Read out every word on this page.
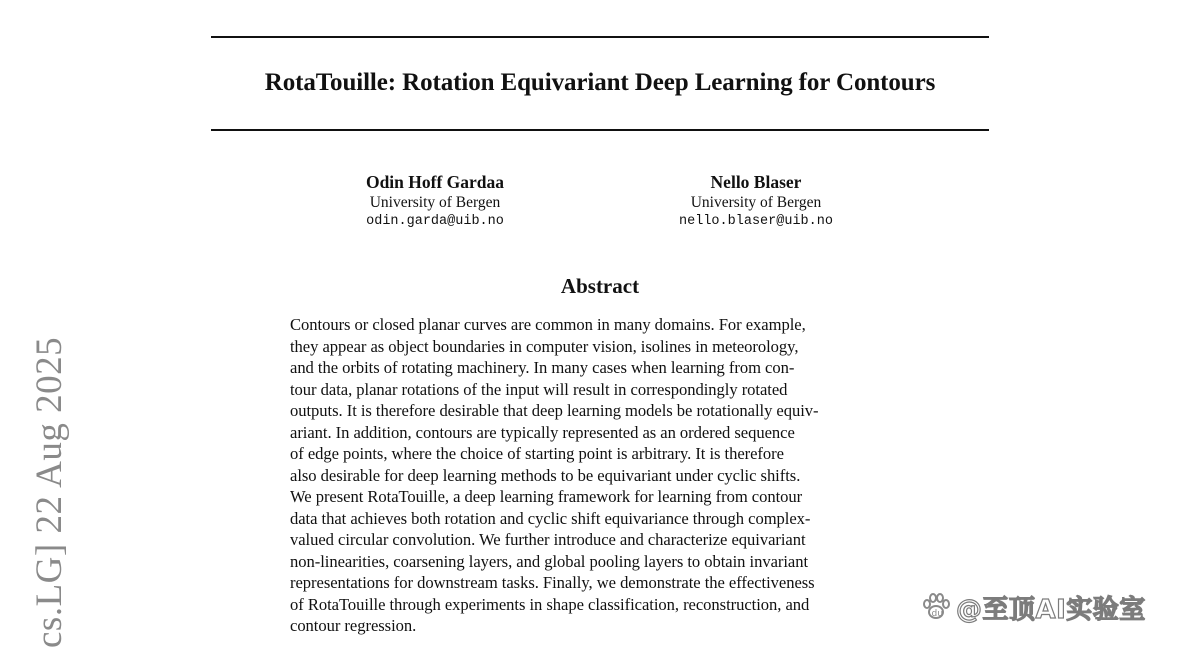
RotaTouille: Rotation Equivariant Deep Learning for Contours
Odin Hoff Gardaa
University of Bergen
odin.garda@uib.no
Nello Blaser
University of Bergen
nello.blaser@uib.no
Abstract
Contours or closed planar curves are common in many domains. For example,
they appear as object boundaries in computer vision, isolines in meteorology,
and the orbits of rotating machinery. In many cases when learning from con-
tour data, planar rotations of the input will result in correspondingly rotated
outputs. It is therefore desirable that deep learning models be rotationally equiv-
ariant. In addition, contours are typically represented as an ordered sequence
of edge points, where the choice of starting point is arbitrary. It is therefore
also desirable for deep learning methods to be equivariant under cyclic shifts.
We present RotaTouille, a deep learning framework for learning from contour
data that achieves both rotation and cyclic shift equivariance through complex-
valued circular convolution. We further introduce and characterize equivariant
non-linearities, coarsening layers, and global pooling layers to obtain invariant
representations for downstream tasks. Finally, we demonstrate the effectiveness
of RotaTouille through experiments in shape classification, reconstruction, and
contour regression.
cs.LG] 22 Aug 2025	du @至顶AI实验室
